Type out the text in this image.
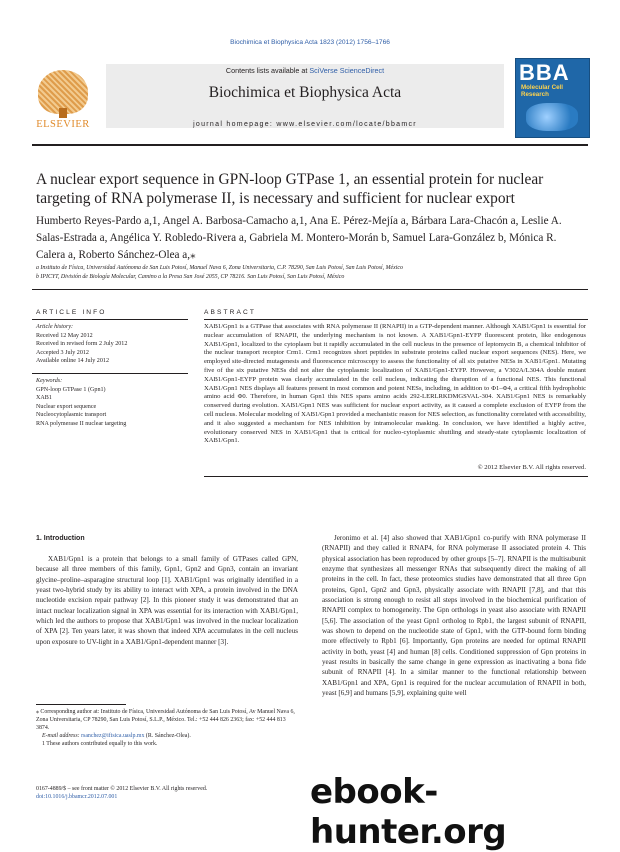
Biochimica et Biophysica Acta 1823 (2012) 1756–1766
ELSEVIER
Contents lists available at SciVerse ScienceDirect
Biochimica et Biophysica Acta
journal homepage: www.elsevier.com/locate/bbamcr
BBA
Molecular Cell Research
A nuclear export sequence in GPN-loop GTPase 1, an essential protein for nuclear targeting of RNA polymerase II, is necessary and sufficient for nuclear export
Humberto Reyes-Pardo a,1, Angel A. Barbosa-Camacho a,1, Ana E. Pérez-Mejía a, Bárbara Lara-Chacón a, Leslie A. Salas-Estrada a, Angélica Y. Robledo-Rivera a, Gabriela M. Montero-Morán b, Samuel Lara-González b, Mónica R. Calera a, Roberto Sánchez-Olea a,⁎
a Instituto de Física, Universidad Autónoma de San Luis Potosí, Manuel Nava 6, Zona Universitaria, C.P. 78290, San Luis Potosí, San Luis Potosí, México
b IPICYT, División de Biología Molecular, Camino a la Presa San José 2055, CP 78216. San Luis Potosí, San Luis Potosí, México
ARTICLE INFO	ABSTRACT
Article history:
Received 12 May 2012
Received in revised form 2 July 2012
Accepted 3 July 2012
Available online 14 July 2012
Keywords:
GPN-loop GTPase 1 (Gpn1)
XAB1
Nuclear export sequence
Nucleocytoplasmic transport
RNA polymerase II nuclear targeting
XAB1/Gpn1 is a GTPase that associates with RNA polymerase II (RNAPII) in a GTP-dependent manner. Although XAB1/Gpn1 is essential for nuclear accumulation of RNAPII, the underlying mechanism is not known. A XAB1/Gpn1-EYFP fluorescent protein, like endogenous XAB1/Gpn1, localized to the cytoplasm but it rapidly accumulated in the cell nucleus in the presence of leptomycin B, a chemical inhibitor of the nuclear transport receptor Crm1. Crm1 recognizes short peptides in substrate proteins called nuclear export sequences (NES). Here, we employed site-directed mutagenesis and fluorescence microscopy to assess the functionality of all six putative NESs in XAB1/Gpn1. Mutating five of the six putative NESs did not alter the cytoplasmic localization of XAB1/Gpn1-EYFP. However, a V302A/L304A double mutant XAB1/Gpn1-EYFP protein was clearly accumulated in the cell nucleus, indicating the disruption of a functional NES. This functional XAB1/Gpn1 NES displays all features present in most common and potent NESs, including, in addition to Φ1–Φ4, a critical fifth hydrophobic amino acid Φ0. Therefore, in human Gpn1 this NES spans amino acids 292-LERLRKDMGSVAL-304. XAB1/Gpn1 NES is remarkably conserved during evolution. XAB1/Gpn1 NES was sufficient for nuclear export activity, as it caused a complete exclusion of EYFP from the cell nucleus. Molecular modeling of XAB1/Gpn1 provided a mechanistic reason for NES selection, as functionality correlated with accessibility, and it also suggested a mechanism for NES inhibition by intramolecular masking. In conclusion, we have identified a highly active, evolutionary conserved NES in XAB1/Gpn1 that is critical for nucleo-cytoplasmic shuttling and steady-state cytoplasmic localization of XAB1/Gpn1.
© 2012 Elsevier B.V. All rights reserved.
1. Introduction

XAB1/Gpn1 is a protein that belongs to a small family of GTPases called GPN, because all three members of this family, Gpn1, Gpn2 and Gpn3, contain an invariant glycine–proline–asparagine structural loop [1]. XAB1/Gpn1 was originally identified in a yeast two-hybrid study by its ability to interact with XPA, a protein involved in the DNA nucleotide excision repair pathway [2]. In this pioneer study it was demonstrated that an intact nuclear localization signal in XPA was essential for its interaction with XAB1/Gpn1, which led the authors to propose that XAB1/Gpn1 was involved in the nuclear localization of XPA [2]. Ten years later, it was shown that indeed XPA accumulates in the cell nucleus upon exposure to UV-light in a XAB1/Gpn1-dependent manner [3].

Jeronimo et al. [4] also showed that XAB1/Gpn1 co-purify with RNA polymerase II (RNAPII) and they called it RNAP4, for RNA polymerase II associated protein 4. This physical association has been reproduced by other groups [5–7]. RNAPII is the multisubunit enzyme that synthesizes all messenger RNAs that subsequently direct the making of all proteins in the cell. In fact, these proteomics studies have demonstrated that all three Gpn proteins, Gpn1, Gpn2 and Gpn3, physically associate with RNAPII [7,8], and that this association is strong enough to resist all steps involved in the biochemical purification of RNAPII complex to homogeneity. The Gpn orthologs in yeast also associate with RNAPII [5,6]. The association of the yeast Gpn1 ortholog to Rpb1, the largest subunit of RNAPII, was shown to depend on the nucleotide state of Gpn1, with the GTP-bound form binding more effectively to Rpb1 [6]. Importantly, Gpn proteins are needed for optimal RNAPII activity in both, yeast [4] and human [8] cells. Conditioned suppression of Gpn proteins in yeast results in basically the same change in gene expression as inactivating a bona fide subunit of RNAPII [4]. In a similar manner to the functional relationship between XAB1/Gpn1 and XPA, Gpn1 is required for the nuclear accumulation of RNAPII in both, yeast [6,9] and humans [5,9], explaining quite well

⁎ Corresponding author at: Instituto de Física, Universidad Autónoma de San Luis Potosí, Av Manuel Nava 6, Zona Universitaria, CP 78290, San Luis Potosí, S.L.P., México. Tel.: +52 444 826 2363; fax: +52 444 813 3874.
E-mail address: rsanchez@ifisica.uaslp.mx (R. Sánchez-Olea).
1 These authors contributed equally to this work.
0167-4889/$ – see front matter © 2012 Elsevier B.V. All rights reserved.
doi:10.1016/j.bbamcr.2012.07.001	ebook-hunter.org
